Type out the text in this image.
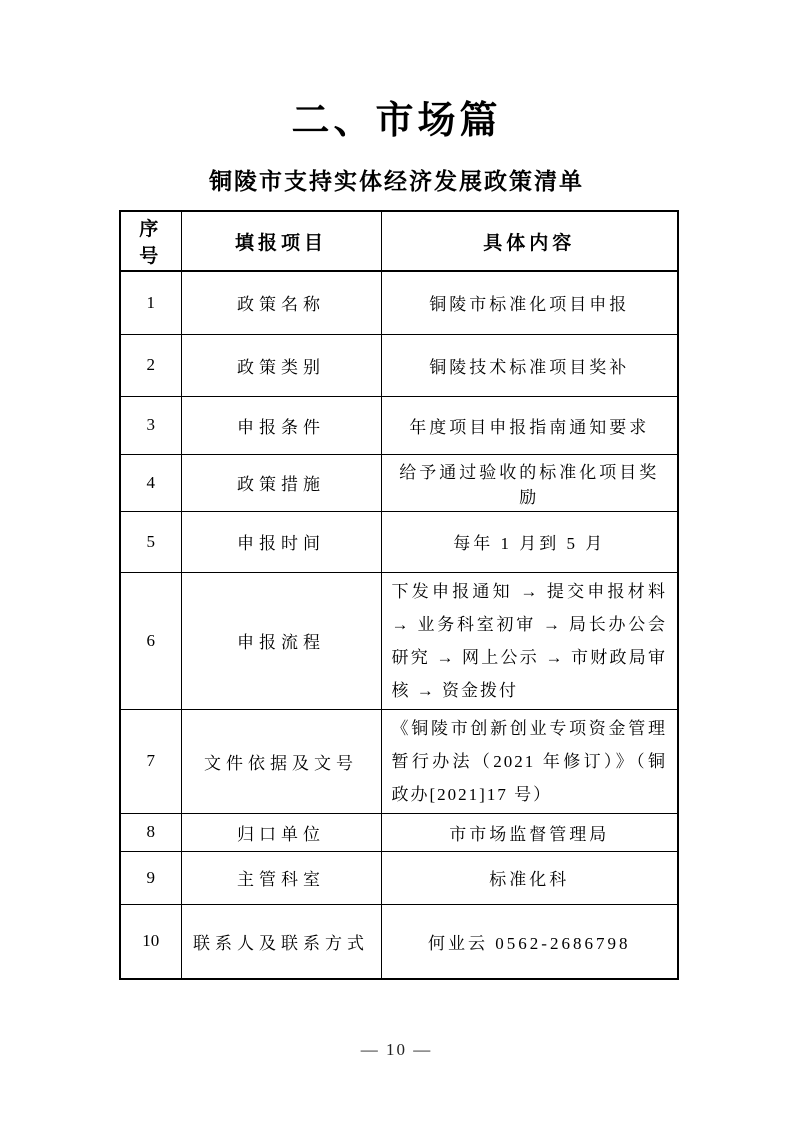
二、市场篇
铜陵市支持实体经济发展政策清单
序号	填报项目	具体内容
1	政策名称	铜陵市标准化项目申报
2	政策类别	铜陵技术标准项目奖补
3	申报条件	年度项目申报指南通知要求
4	政策措施	给予通过验收的标准化项目奖励
5	申报时间	每年 1 月到 5 月
6	申报流程	下发申报通知 → 提交申报材料 → 业务科室初审 → 局长办公会研究 → 网上公示 → 市财政局审核 → 资金拨付
7	文件依据及文号	《铜陵市创新创业专项资金管理暂行办法（2021 年修订）》（铜政办[2021]17 号）
8	归口单位	市市场监督管理局
9	主管科室	标准化科
10	联系人及联系方式	何业云 0562-2686798
— 10 —
